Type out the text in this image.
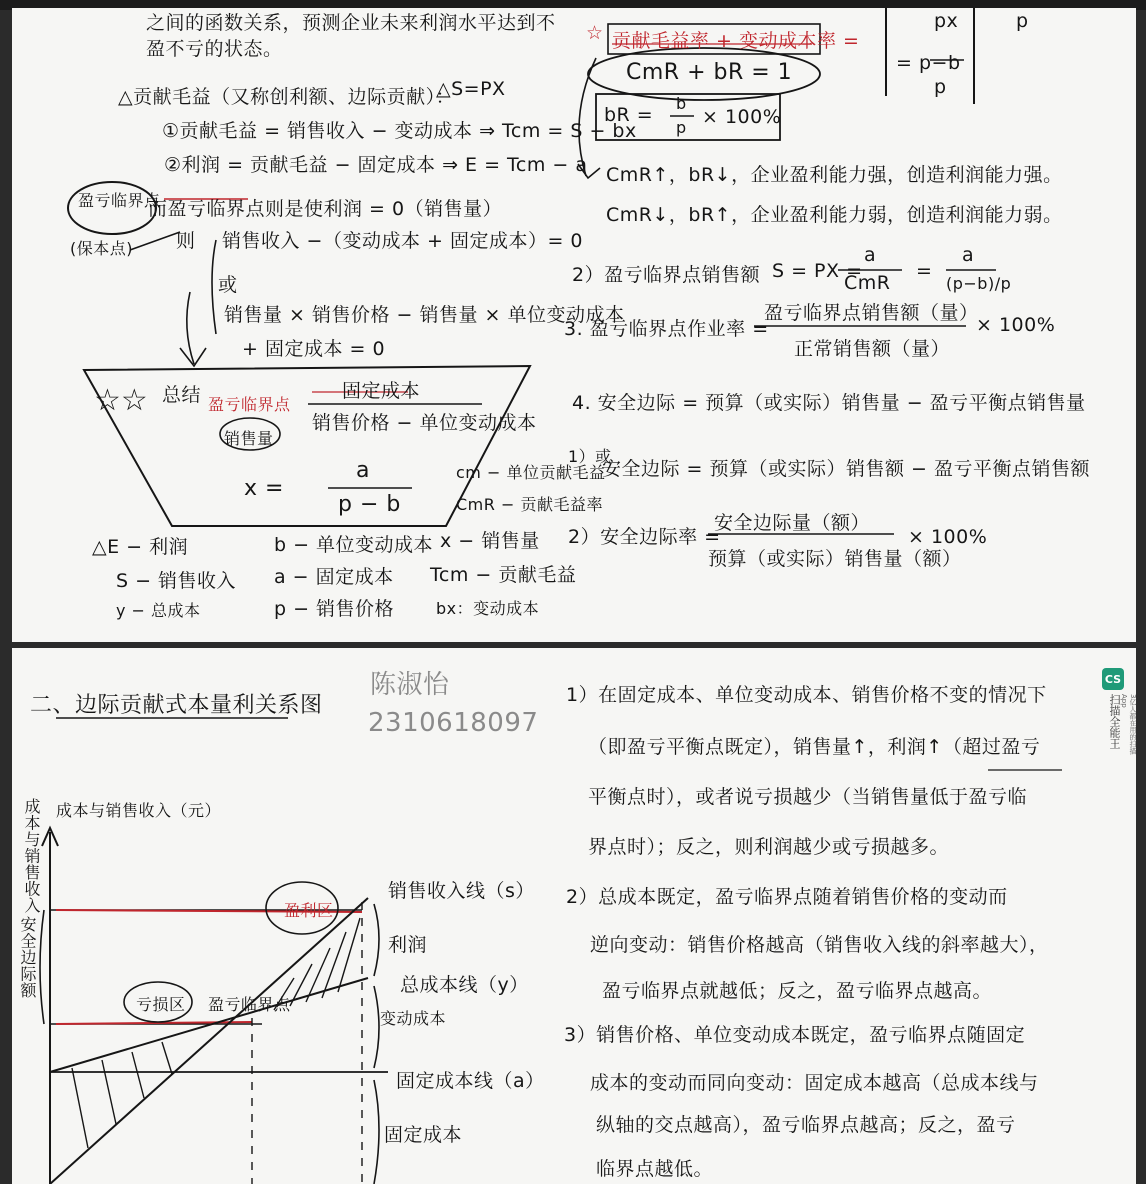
☆☆
之间的函数关系，预测企业未来利润水平达到不
盈不亏的状态。
△贡献毛益（又称创利额、边际贡献）：
△S=PX
①贡献毛益 = 销售收入 − 变动成本 ⇒ Tcm = S − bx
②利润 = 贡献毛益 − 固定成本 ⇒ E = Tcm − a
盈亏临界点
而盈亏临界点则是使利润 = 0（销售量）
(保本点) 则 销售收入 −（变动成本 + 固定成本）= 0
或
销售量 × 销售价格 − 销售量 × 单位变动成本
+ 固定成本 = 0
总结 盈亏临界点
销售量
固定成本
销售价格 − 单位变动成本
x =
a
p − b
cm − 单位贡献毛益
CmR − 贡献毛益率
△E − 利润
S − 销售收入
y − 总成本
b − 单位变动成本
a − 固定成本
p − 销售价格
x − 销售量
Tcm − 贡献毛益
bx：变动成本
px
= p−b
p
p
☆ 贡献毛益率 + 变动成本率 =
CmR + bR = 1
bR =
b
p × 100%
CmR↑，bR↓，企业盈利能力强，创造利润能力强。
CmR↓，bR↑，企业盈利能力弱，创造利润能力弱。
2）盈亏临界点销售额 S = PX =
a
CmR
=
a
(p−b)/p
3. 盈亏临界点作业率 =
盈亏临界点销售额（量）
正常销售额（量）
× 100%
4. 安全边际 = 预算（或实际）销售量 − 盈亏平衡点销售量
1）或
安全边际 = 预算（或实际）销售额 − 盈亏平衡点销售额
2）安全边际率 =
安全边际量（额）
预算（或实际）销售量（额）
× 100%
二、边际贡献式本量利关系图
陈淑怡
2310618097
成本与销售收入（元）
成本与销售收入
安全边际额
销售收入线（s）
利润
总成本线（y）
变动成本
固定成本线（a）
固定成本
盈利区
亏损区 盈亏临界点
1）在固定成本、单位变动成本、销售价格不变的情况下
（即盈亏平衡点既定），销售量↑，利润↑（超过盈亏
平衡点时），或者说亏损越少（当销售量低于盈亏临
界点时）；反之，则利润越少或亏损越多。
2）总成本既定，盈亏临界点随着销售价格的变动而
逆向变动：销售价格越高（销售收入线的斜率越大），
盈亏临界点就越低；反之，盈亏临界点越高。
3）销售价格、单位变动成本既定，盈亏临界点随固定
成本的变动而同向变动：固定成本越高（总成本线与
纵轴的交点越高），盈亏临界点越高；反之，盈亏
临界点越低。
CS
扫描全能王	3亿人都在用的扫描App
